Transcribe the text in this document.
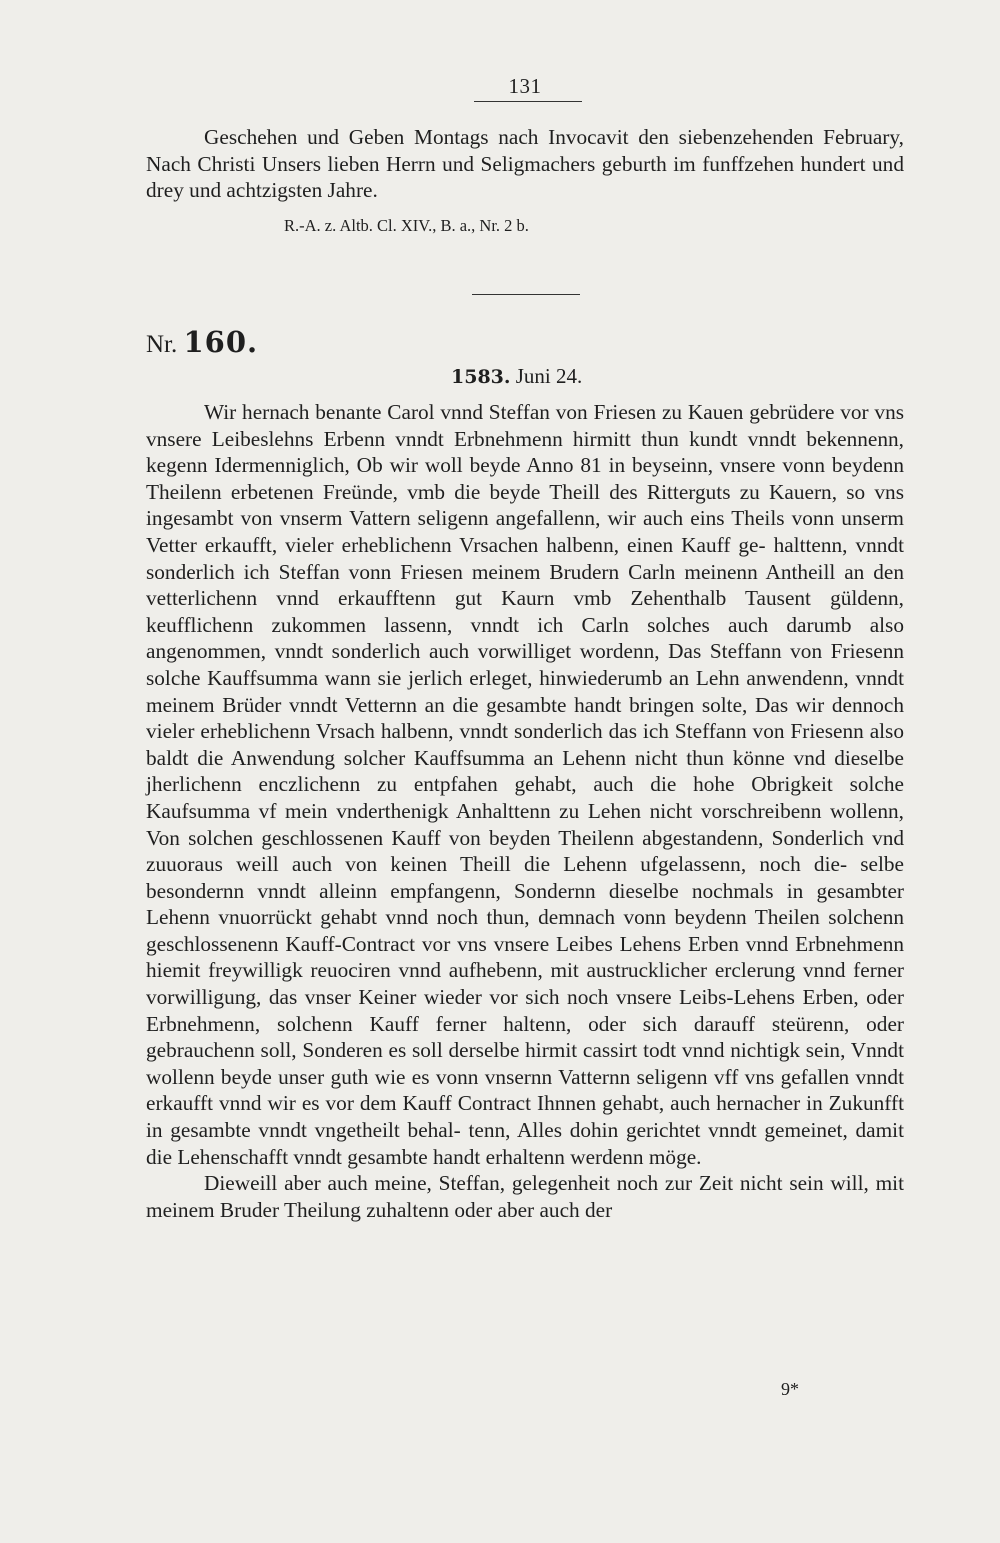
131

Geschehen und Geben Montags nach Invocavit den siebenzehenden February, Nach Christi Unsers lieben Herrn und Seligmachers geburth im funffzehen hundert und drey und achtzigsten Jahre.

R.-A. z. Altb. Cl. XIV., B. a., Nr. 2 b.
Nr. 160.
1583. Juni 24.

Wir hernach benante Carol vnnd Steffan von Friesen zu Kauen gebrüdere vor vns vnsere Leibeslehns Erbenn vnndt Erbnehmenn hirmitt thun kundt vnndt bekennenn, kegenn Idermenniglich, Ob wir woll beyde Anno 81 in beyseinn, vnsere vonn beydenn Theilenn erbetenen Freünde, vmb die beyde Theill des Ritterguts zu Kauern, so vns ingesambt von vnserm Vattern seligenn angefallenn, wir auch eins Theils vonn unserm Vetter erkaufft, vieler erheblichenn Vrsachen halbenn, einen Kauff ge- halttenn, vnndt sonderlich ich Steffan vonn Friesen meinem Brudern Carln meinenn Antheill an den vetterlichenn vnnd erkaufftenn gut Kaurn vmb Zehenthalb Tausent güldenn, keufflichenn zukommen lassenn, vnndt ich Carln solches auch darumb also angenommen, vnndt sonderlich auch vorwilliget wordenn, Das Steffann von Friesenn solche Kauffsumma wann sie jerlich erleget, hinwiederumb an Lehn anwendenn, vnndt meinem Brüder vnndt Vetternn an die gesambte handt bringen solte, Das wir dennoch vieler erheblichenn Vrsach halbenn, vnndt sonderlich das ich Steffann von Friesenn also baldt die Anwendung solcher Kauffsumma an Lehenn nicht thun könne vnd dieselbe jherlichenn enczlichenn zu entpfahen gehabt, auch die hohe Obrigkeit solche Kaufsumma vf mein vnderthenigk Anhalttenn zu Lehen nicht vorschreibenn wollenn, Von solchen geschlossenen Kauff von beyden Theilenn abgestandenn, Sonderlich vnd zuuoraus weill auch von keinen Theill die Lehenn ufgelassenn, noch die- selbe besondernn vnndt alleinn empfangenn, Sondernn dieselbe nochmals in gesambter Lehenn vnuorrückt gehabt vnnd noch thun, demnach vonn beydenn Theilen solchenn geschlossenenn Kauff-Contract vor vns vnsere Leibes Lehens Erben vnnd Erbnehmenn hiemit freywilligk reuociren vnnd aufhebenn, mit austrucklicher erclerung vnnd ferner vorwilligung, das vnser Keiner wieder vor sich noch vnsere Leibs-Lehens Erben, oder Erbnehmenn, solchenn Kauff ferner haltenn, oder sich darauff steürenn, oder gebrauchenn soll, Sonderen es soll derselbe hirmit cassirt todt vnnd nichtigk sein, Vnndt wollenn beyde unser guth wie es vonn vnsernn Vatternn seligenn vff vns gefallen vnndt erkaufft vnnd wir es vor dem Kauff Contract Ihnnen gehabt, auch hernacher in Zukunfft in gesambte vnndt vngetheilt behal- tenn, Alles dohin gerichtet vnndt gemeinet, damit die Lehenschafft vnndt gesambte handt erhaltenn werdenn möge.

Dieweill aber auch meine, Steffan, gelegenheit noch zur Zeit nicht sein will, mit meinem Bruder Theilung zuhaltenn oder aber auch der

9*
